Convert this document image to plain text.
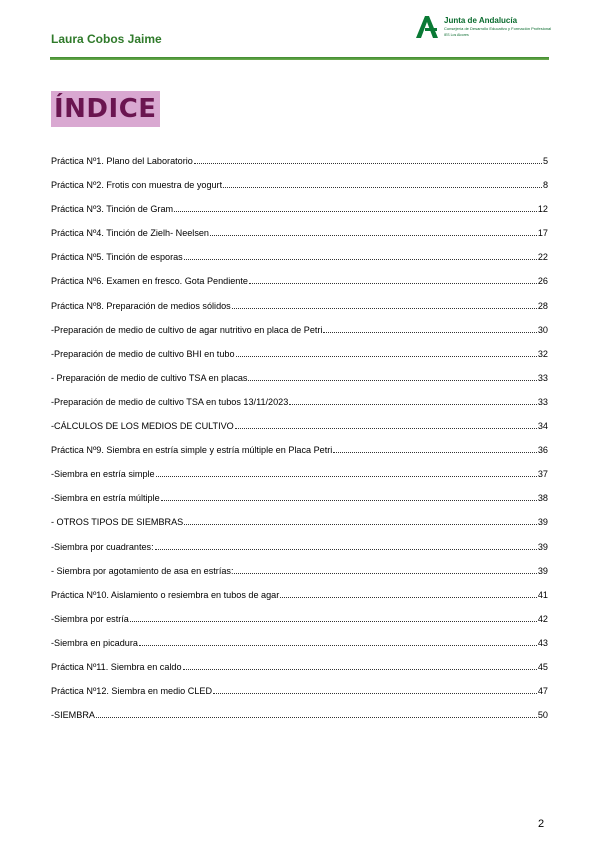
Laura Cobos Jaime
Junta de Andalucía
Consejería de Desarrollo Educativo y Formación Profesional
IES Los Alcores
ÍNDICE
Práctica Nº1. Plano del Laboratorio	5
Práctica Nº2. Frotis con muestra de yogurt	8
Práctica Nº3. Tinción de Gram	12
Práctica Nº4. Tinción de Zielh- Neelsen	17
Práctica Nº5. Tinción de esporas	22
Práctica Nº6. Examen en fresco. Gota Pendiente	26
Práctica Nº8. Preparación de medios sólidos	28
-Preparación de medio de cultivo de agar nutritivo en placa de Petri	30
-Preparación de medio de cultivo BHI en tubo	32
- Preparación de medio de cultivo TSA en placas	33
-Preparación de medio de cultivo TSA en tubos 13/11/2023	33
-CÁLCULOS DE LOS MEDIOS DE CULTIVO	34
Práctica Nº9. Siembra en estría simple y estría múltiple en Placa Petri	36
-Siembra en estría simple	37
-Siembra en estría múltiple	38
- OTROS TIPOS DE SIEMBRAS	39
-Siembra por cuadrantes:	39
- Siembra por agotamiento de asa en estrías:	39
Práctica Nº10. Aislamiento o resiembra en tubos de agar	41
-Siembra por estría	42
-Siembra en picadura	43
Práctica Nº11. Siembra en caldo	45
Práctica Nº12. Siembra en medio CLED	47
-SIEMBRA	50
2
